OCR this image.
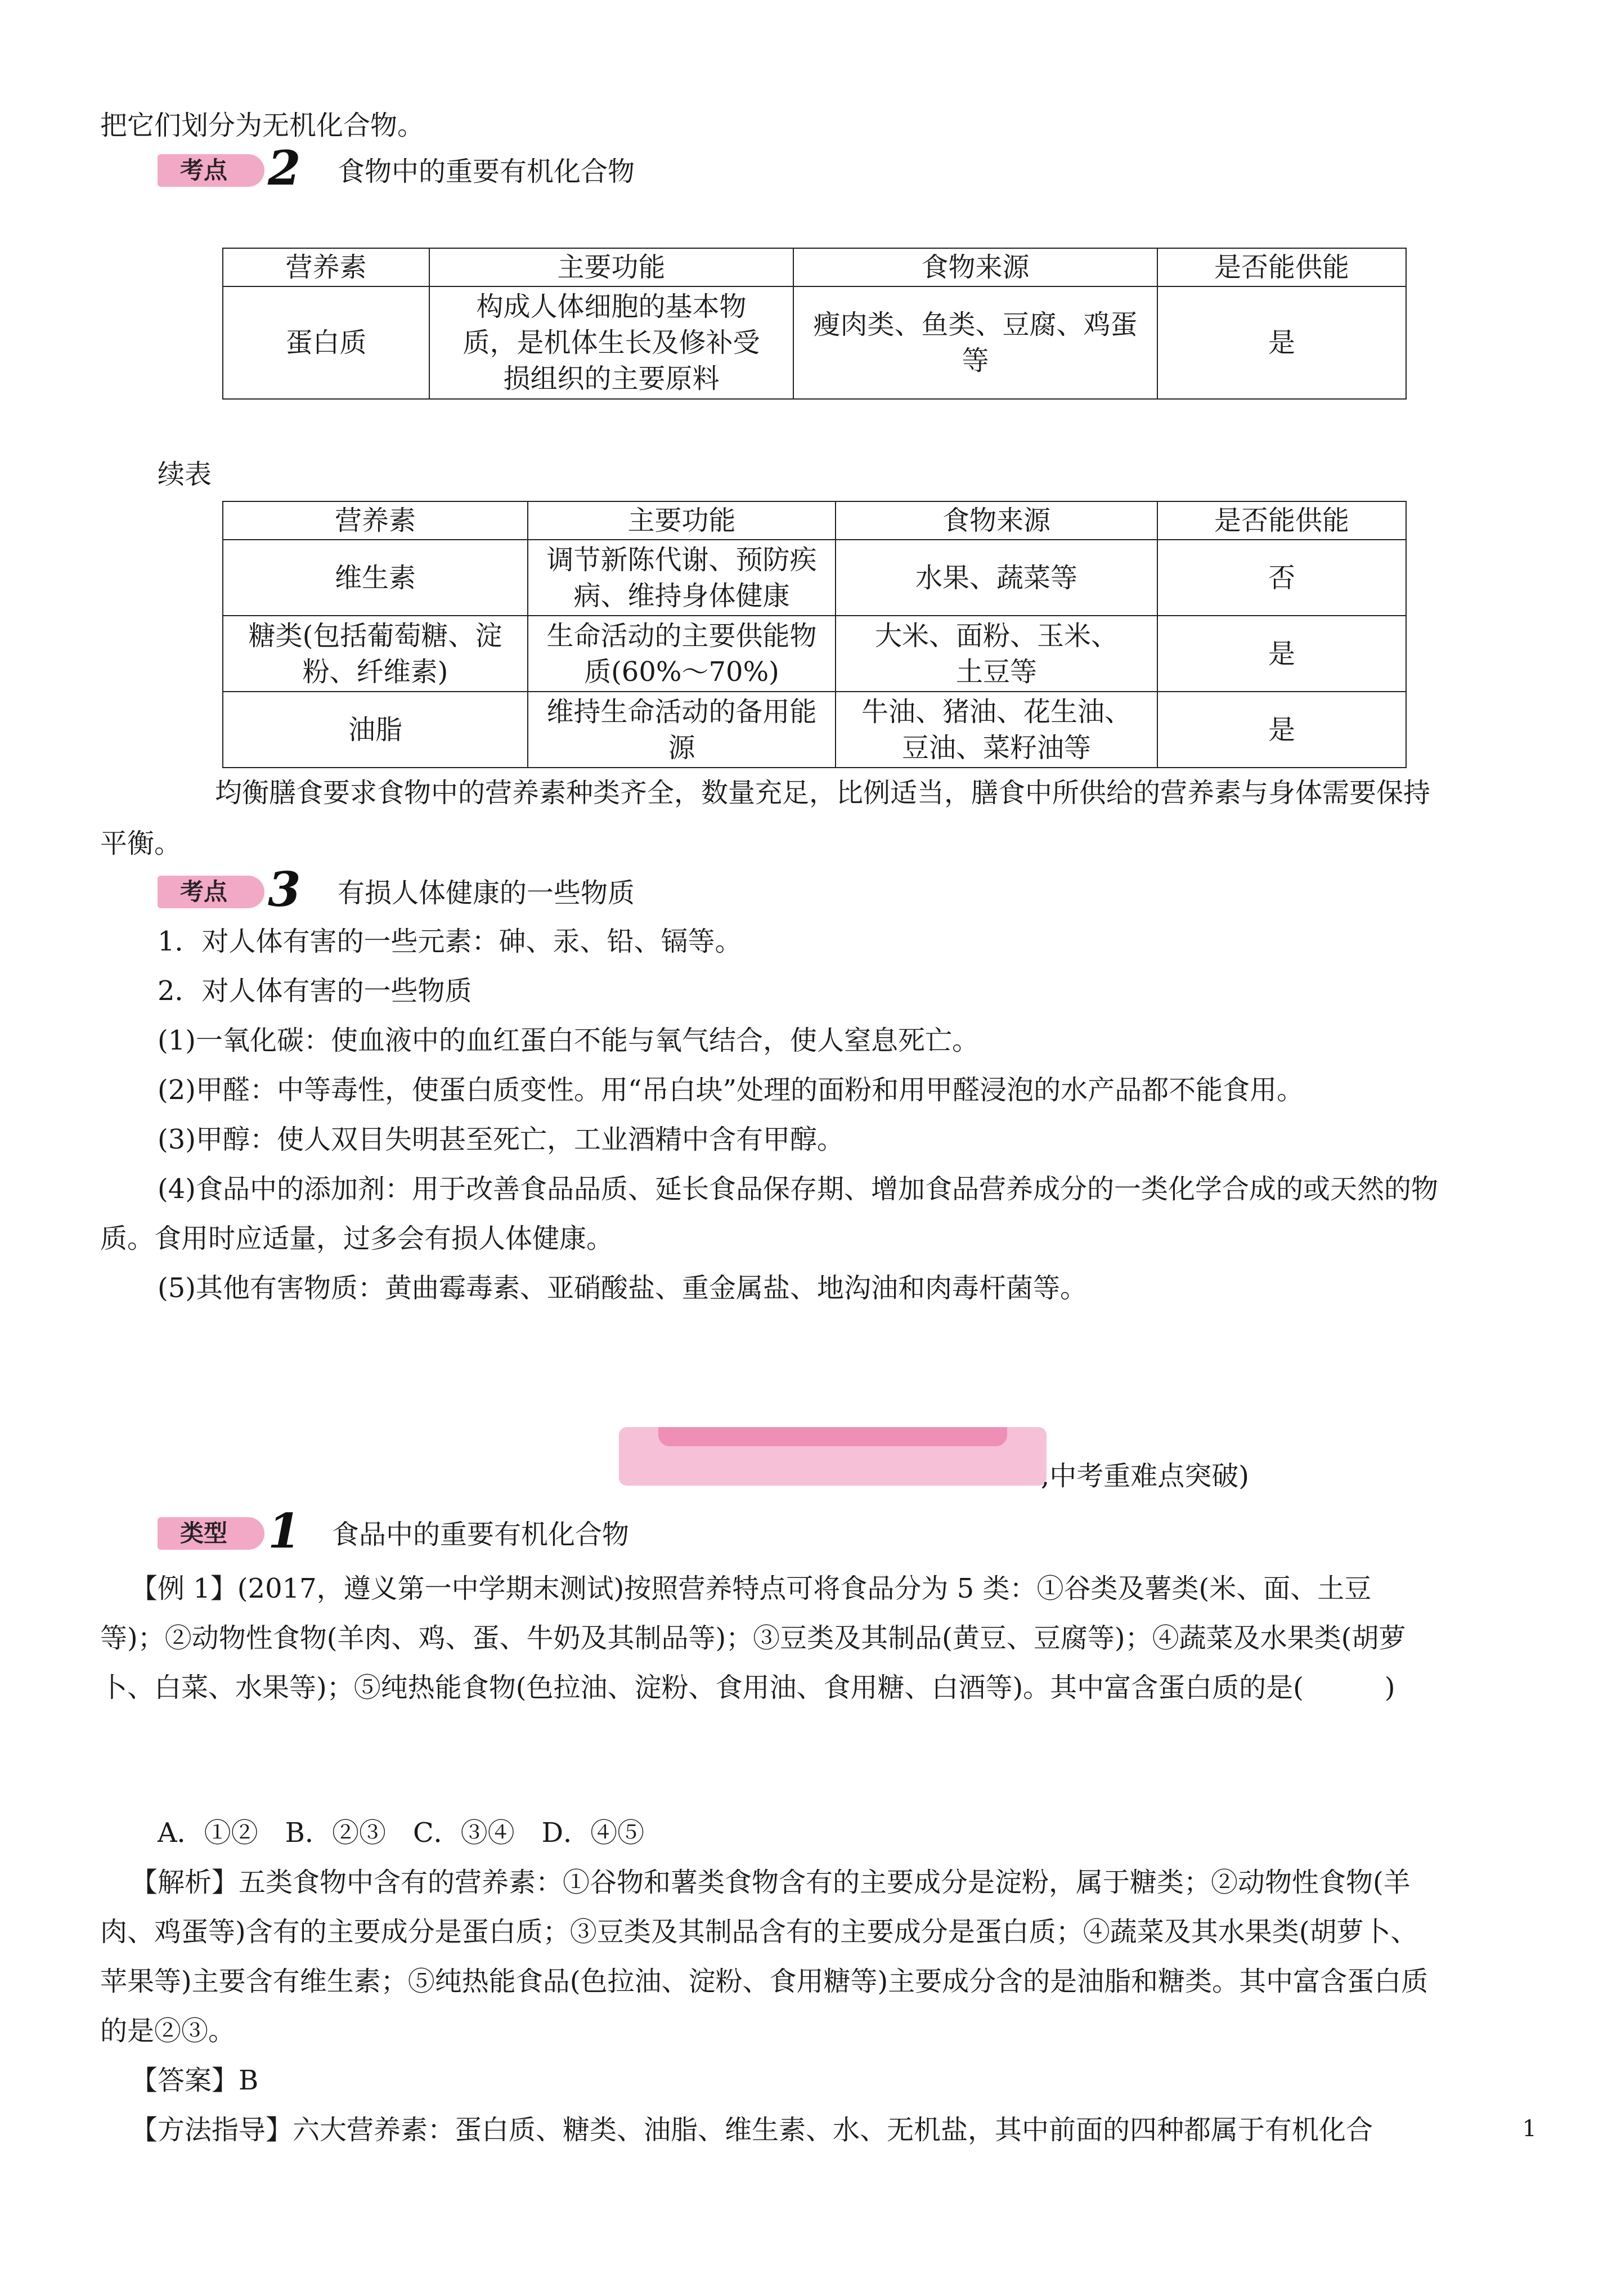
把它们划分为无机化合物。
考点 2 食物中的重要有机化合物
营养素	主要功能	食物来源	是否能供能
蛋白质	构成人体细胞的基本物质，是机体生长及修补受损组织的主要原料	瘦肉类、鱼类、豆腐、鸡蛋等	是
续表
营养素	主要功能	食物来源	是否能供能
维生素	调节新陈代谢、预防疾病、维持身体健康	水果、蔬菜等	否
糖类(包括葡萄糖、淀粉、纤维素)	生命活动的主要供能物质(60%～70%)	大米、面粉、玉米、土豆等	是
油脂	维持生命活动的备用能源	牛油、猪油、花生油、豆油、菜籽油等	是
均衡膳食要求食物中的营养素种类齐全，数量充足，比例适当，膳食中所供给的营养素与身体需要保持
平衡。
考点 3 有损人体健康的一些物质
1．对人体有害的一些元素：砷、汞、铅、镉等。
2．对人体有害的一些物质
(1)一氧化碳：使血液中的血红蛋白不能与氧气结合，使人窒息死亡。
(2)甲醛：中等毒性，使蛋白质变性。用“吊白块”处理的面粉和用甲醛浸泡的水产品都不能食用。
(3)甲醇：使人双目失明甚至死亡，工业酒精中含有甲醇。
(4)食品中的添加剂：用于改善食品品质、延长食品保存期、增加食品营养成分的一类化学合成的或天然的物
质。食用时应适量，过多会有损人体健康。
(5)其他有害物质：黄曲霉毒素、亚硝酸盐、重金属盐、地沟油和肉毒杆菌等。
,中考重难点突破)
类型 1 食品中的重要有机化合物
【例 1】(2017，遵义第一中学期末测试)按照营养特点可将食品分为 5 类：①谷类及薯类(米、面、土豆
等)；②动物性食物(羊肉、鸡、蛋、牛奶及其制品等)；③豆类及其制品(黄豆、豆腐等)；④蔬菜及水果类(胡萝
卜、白菜、水果等)；⑤纯热能食物(色拉油、淀粉、食用油、食用糖、白酒等)。其中富含蛋白质的是(　　　)
A．①②　B．②③　C．③④　D．④⑤
【解析】五类食物中含有的营养素：①谷物和薯类食物含有的主要成分是淀粉，属于糖类；②动物性食物(羊
肉、鸡蛋等)含有的主要成分是蛋白质；③豆类及其制品含有的主要成分是蛋白质；④蔬菜及其水果类(胡萝卜、
苹果等)主要含有维生素；⑤纯热能食品(色拉油、淀粉、食用糖等)主要成分含的是油脂和糖类。其中富含蛋白质
的是②③。
【答案】B
【方法指导】六大营养素：蛋白质、糖类、油脂、维生素、水、无机盐，其中前面的四种都属于有机化合	1
